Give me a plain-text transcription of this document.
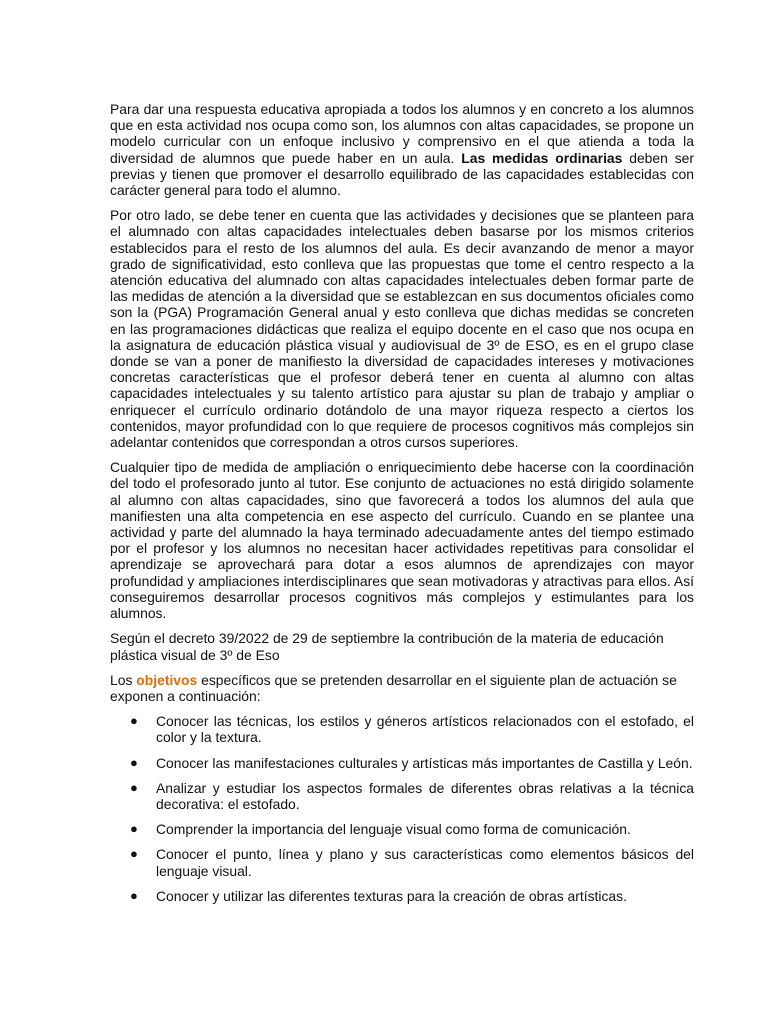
Para dar una respuesta educativa apropiada a todos los alumnos y en concreto a los alumnos que en esta actividad nos ocupa como son, los alumnos con altas capacidades, se propone un modelo curricular con un enfoque inclusivo y comprensivo en el que atienda a toda la diversidad de alumnos que puede haber en un aula. Las medidas ordinarias deben ser previas y tienen que promover el desarrollo equilibrado de las capacidades establecidas con carácter general para todo el alumno.

Por otro lado, se debe tener en cuenta que las actividades y decisiones que se planteen para el alumnado con altas capacidades intelectuales deben basarse por los mismos criterios establecidos para el resto de los alumnos del aula. Es decir avanzando de menor a mayor grado de significatividad, esto conlleva que las propuestas que tome el centro respecto a la atención educativa del alumnado con altas capacidades intelectuales deben formar parte de las medidas de atención a la diversidad que se establezcan en sus documentos oficiales como son la (PGA) Programación General anual y esto conlleva que dichas medidas se concreten en las programaciones didácticas que realiza el equipo docente en el caso que nos ocupa en la asignatura de educación plástica visual y audiovisual de 3º de ESO, es en el grupo clase donde se van a poner de manifiesto la diversidad de capacidades intereses y motivaciones concretas características que el profesor deberá tener en cuenta al alumno con altas capacidades intelectuales y su talento artístico para ajustar su plan de trabajo y ampliar o enriquecer el currículo ordinario dotándolo de una mayor riqueza respecto a ciertos los contenidos, mayor profundidad con lo que requiere de procesos cognitivos más complejos sin adelantar contenidos que correspondan a otros cursos superiores.

Cualquier tipo de medida de ampliación o enriquecimiento debe hacerse con la coordinación del todo el profesorado junto al tutor. Ese conjunto de actuaciones no está dirigido solamente al alumno con altas capacidades, sino que favorecerá a todos los alumnos del aula que manifiesten una alta competencia en ese aspecto del currículo. Cuando en se plantee una actividad y parte del alumnado la haya terminado adecuadamente antes del tiempo estimado por el profesor y los alumnos no necesitan hacer actividades repetitivas para consolidar el aprendizaje se aprovechará para dotar a esos alumnos de aprendizajes con mayor profundidad y ampliaciones interdisciplinares que sean motivadoras y atractivas para ellos. Así conseguiremos desarrollar procesos cognitivos más complejos y estimulantes para los alumnos.

Según el decreto 39/2022 de 29 de septiembre la contribución de la materia de educación plástica visual de 3º de Eso

Los objetivos específicos que se pretenden desarrollar en el siguiente plan de actuación se exponen a continuación:

● Conocer las técnicas, los estilos y géneros artísticos relacionados con el estofado, el color y la textura.
● Conocer las manifestaciones culturales y artísticas más importantes de Castilla y León.
● Analizar y estudiar los aspectos formales de diferentes obras relativas a la técnica decorativa: el estofado.
● Comprender la importancia del lenguaje visual como forma de comunicación.
● Conocer el punto, línea y plano y sus características como elementos básicos del lenguaje visual.
● Conocer y utilizar las diferentes texturas para la creación de obras artísticas.
